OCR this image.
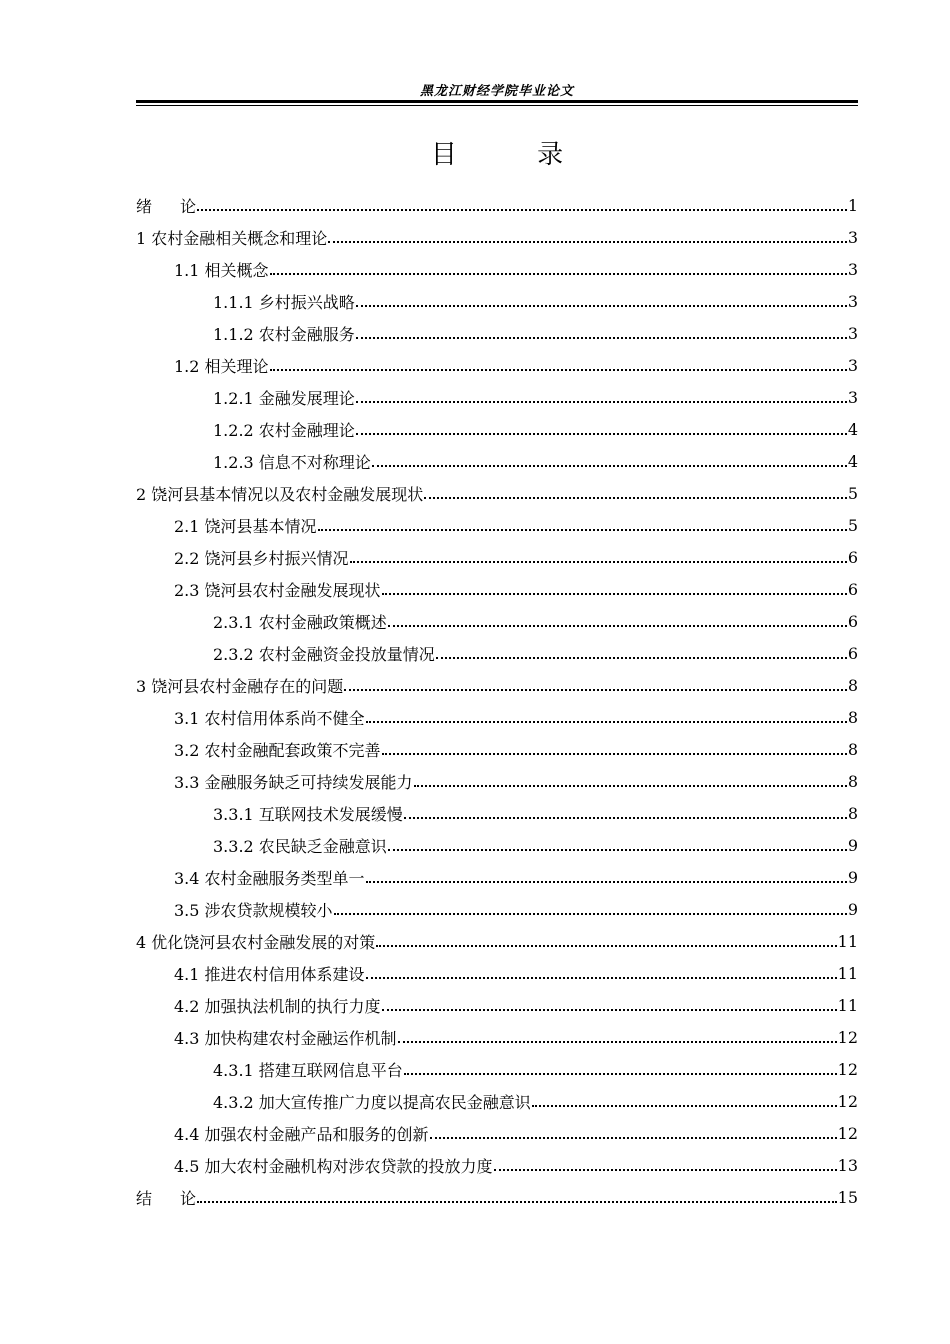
黑龙江财经学院毕业论文
目 录
绪论	1
1 农村金融相关概念和理论	3
1.1 相关概念	3
1.1.1 乡村振兴战略	3
1.1.2 农村金融服务	3
1.2 相关理论	3
1.2.1 金融发展理论	3
1.2.2 农村金融理论	4
1.2.3 信息不对称理论	4
2 饶河县基本情况以及农村金融发展现状	5
2.1 饶河县基本情况	5
2.2 饶河县乡村振兴情况	6
2.3 饶河县农村金融发展现状	6
2.3.1 农村金融政策概述	6
2.3.2 农村金融资金投放量情况	6
3 饶河县农村金融存在的问题	8
3.1 农村信用体系尚不健全	8
3.2 农村金融配套政策不完善	8
3.3 金融服务缺乏可持续发展能力	8
3.3.1 互联网技术发展缓慢	8
3.3.2 农民缺乏金融意识	9
3.4 农村金融服务类型单一	9
3.5 涉农贷款规模较小	9
4 优化饶河县农村金融发展的对策	11
4.1 推进农村信用体系建设	11
4.2 加强执法机制的执行力度	11
4.3 加快构建农村金融运作机制	12
4.3.1 搭建互联网信息平台	12
4.3.2 加大宣传推广力度以提高农民金融意识	12
4.4 加强农村金融产品和服务的创新	12
4.5 加大农村金融机构对涉农贷款的投放力度	13
结论	15
